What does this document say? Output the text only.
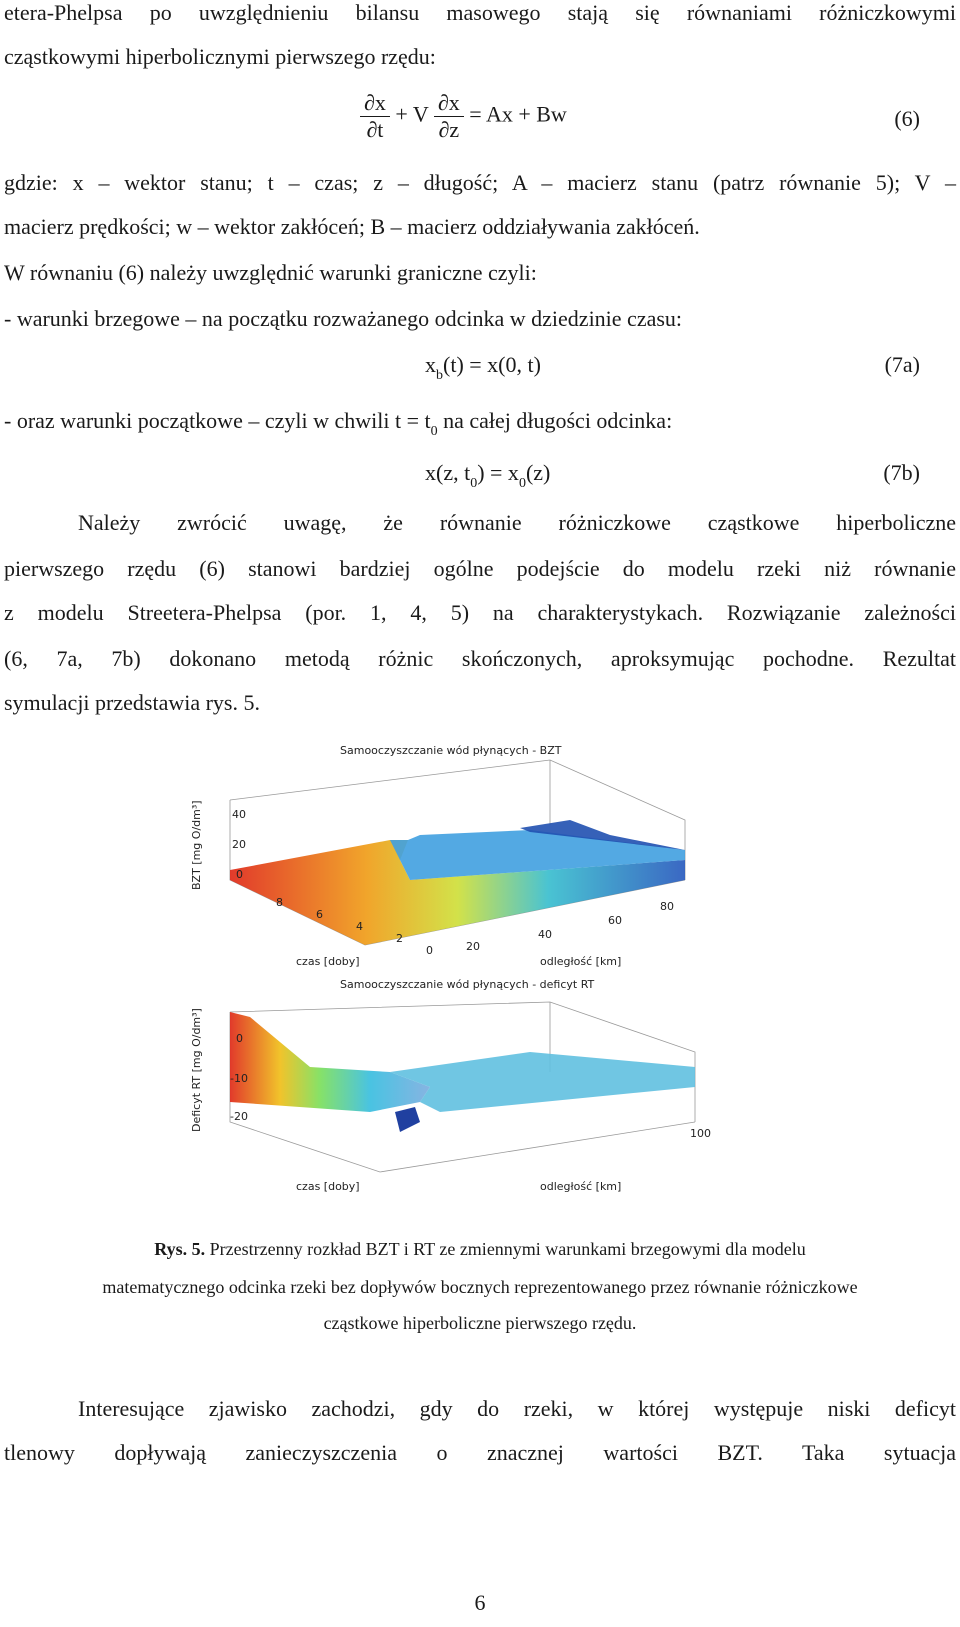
etera-Phelpsa po uwzględnieniu bilansu masowego stają się równaniami różniczkowymi
cząstkowymi hiperbolicznymi pierwszego rzędu:
$\frac{\partial x}{\partial t} + V \frac{\partial x}{\partial z} = Ax + Bw$	(6)
gdzie: x – wektor stanu; t – czas; z – długość; A – macierz stanu (patrz równanie 5); V –
macierz prędkości; w – wektor zakłóceń; B – macierz oddziaływania zakłóceń.
W równaniu (6) należy uwzględnić warunki graniczne czyli:
- warunki brzegowe – na początku rozważanego odcinka w dziedzinie czasu:
$x_b(t) = x(0$, t)	(7a)
- oraz warunki początkowe – czyli w chwili $t = t_0$ na całej długości odcinka:
x(z, $t_0) = x_0(z)$	(7b)
Należy zwrócić uwagę, że równanie różniczkowe cząstkowe hiperboliczne
pierwszego rzędu (6) stanowi bardziej ogólne podejście do modelu rzeki niż równanie
z modelu Streetera-Phelpsa (por. 1, 4, 5) na charakterystykach. Rozwiązanie zależności
(6, 7a, 7b) dokonano metodą różnic skończonych, aproksymując pochodne. Rezultat
symulacji przedstawia rys. 5.
Samooczyszczanie wód płynących - BZT
BZT [mg O/dm³]	40
20
0
8
6
4
2
0	20
40
60
80
czas [doby]	odległość [km]
Samooczyszczanie wód płynących - deficyt RT
Deficyt RT [mg O/dm³]	0
-10
-20
100
czas [doby]	odległość [km]
Rys. 5. Przestrzenny rozkład BZT i RT ze zmiennymi warunkami brzegowymi dla modelu
matematycznego odcinka rzeki bez dopływów bocznych reprezentowanego przez równanie różniczkowe
cząstkowe hiperboliczne pierwszego rzędu.
Interesujące zjawisko zachodzi, gdy do rzeki, w której występuje niski deficyt
tlenowy dopływają zanieczyszczenia o znacznej wartości BZT. Taka sytuacja
6
